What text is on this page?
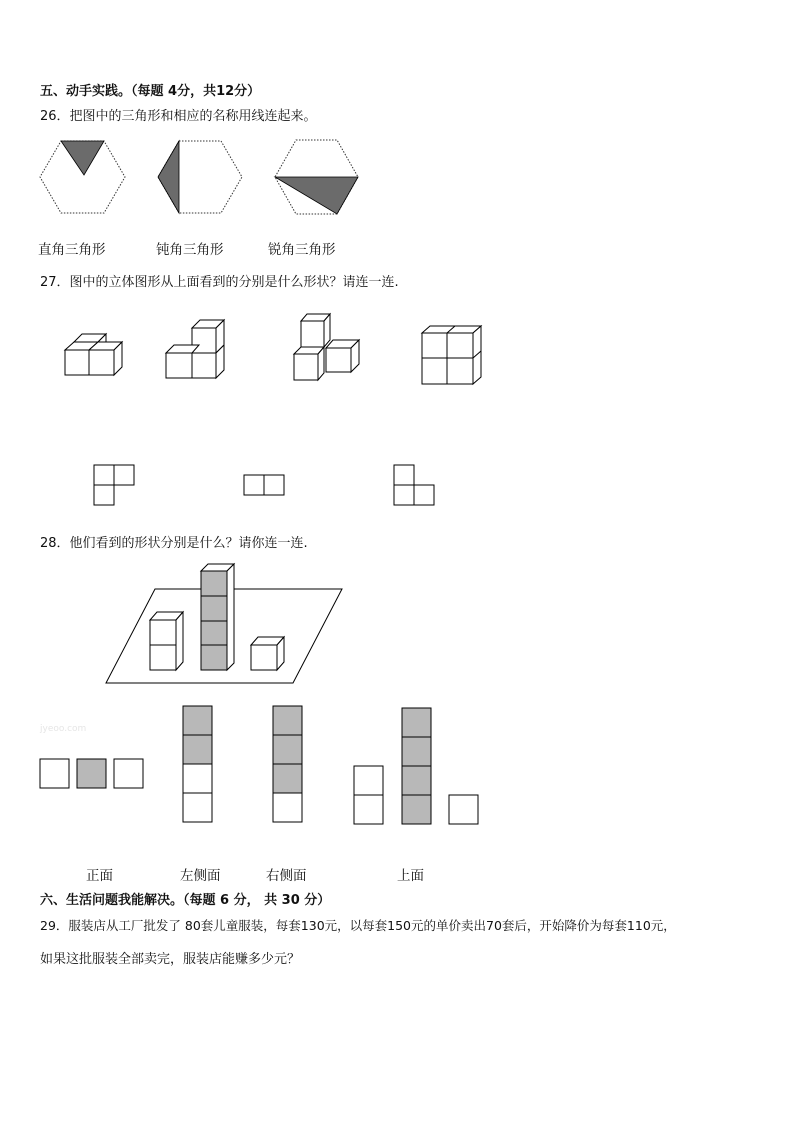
五、动手实践。（每题 4分，共12分）
26．把图中的三角形和相应的名称用线连起来。
直角三角形	钝角三角形	锐角三角形
27．图中的立体图形从上面看到的分别是什么形状？请连一连.
28．他们看到的形状分别是什么？请你连一连.
jyeoo.com
正面	左侧面	右侧面	上面
六、生活问题我能解决。（每题 6 分， 共 30 分）
29．服装店从工厂批发了 80套儿童服装，每套130元，以每套150元的单价卖出70套后，开始降价为每套110元，
如果这批服装全部卖完，服装店能赚多少元？
